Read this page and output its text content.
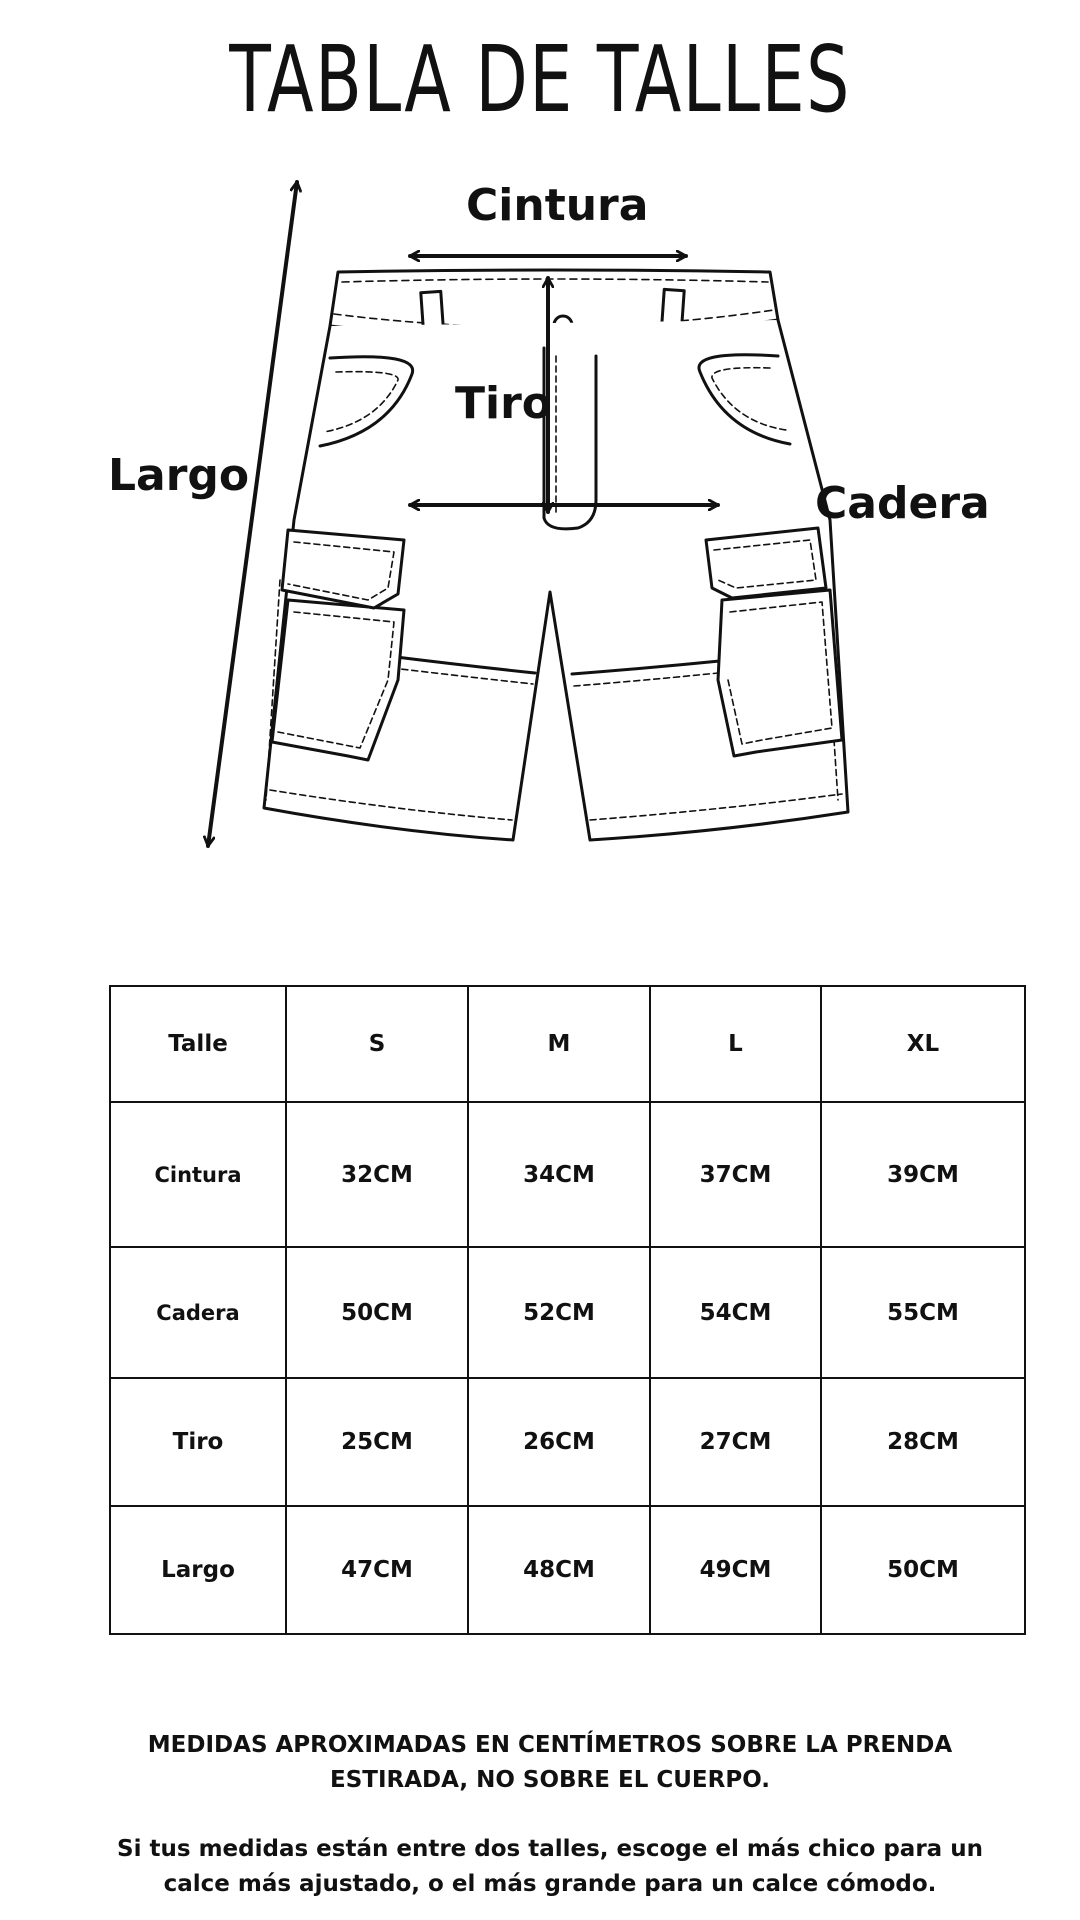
TABLA DE TALLES
Cintura
Tiro
Largo
Cadera
Talle	S	M	L	XL
Cintura	32CM	34CM	37CM	39CM
Cadera	50CM	52CM	54CM	55CM
Tiro	25CM	26CM	27CM	28CM
Largo	47CM	48CM	49CM	50CM
MEDIDAS APROXIMADAS EN CENTÍMETROS SOBRE LA PRENDA ESTIRADA, NO SOBRE EL CUERPO.
Si tus medidas están entre dos talles, escoge el más chico para un calce más ajustado, o el más grande para un calce cómodo.
